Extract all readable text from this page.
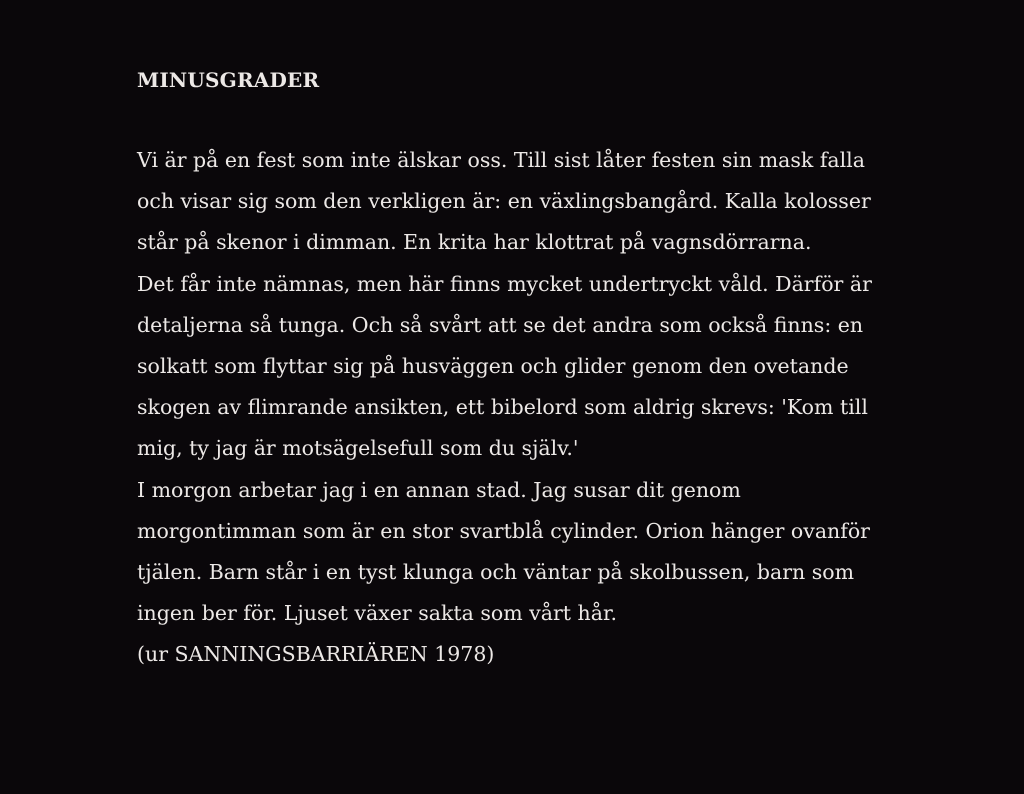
MINUSGRADER
Vi är på en fest som inte älskar oss. Till sist låter festen sin mask falla
och visar sig som den verkligen är: en växlingsbangård. Kalla kolosser
står på skenor i dimman. En krita har klottrat på vagnsdörrarna.
Det får inte nämnas, men här finns mycket undertryckt våld. Därför är
detaljerna så tunga. Och så svårt att se det andra som också finns: en
solkatt som flyttar sig på husväggen och glider genom den ovetande
skogen av flimrande ansikten, ett bibelord som aldrig skrevs: 'Kom till
mig, ty jag är motsägelsefull som du själv.'
I morgon arbetar jag i en annan stad. Jag susar dit genom
morgontimman som är en stor svartblå cylinder. Orion hänger ovanför
tjälen. Barn står i en tyst klunga och väntar på skolbussen, barn som
ingen ber för. Ljuset växer sakta som vårt hår.
(ur SANNINGSBARRIÄREN 1978)
